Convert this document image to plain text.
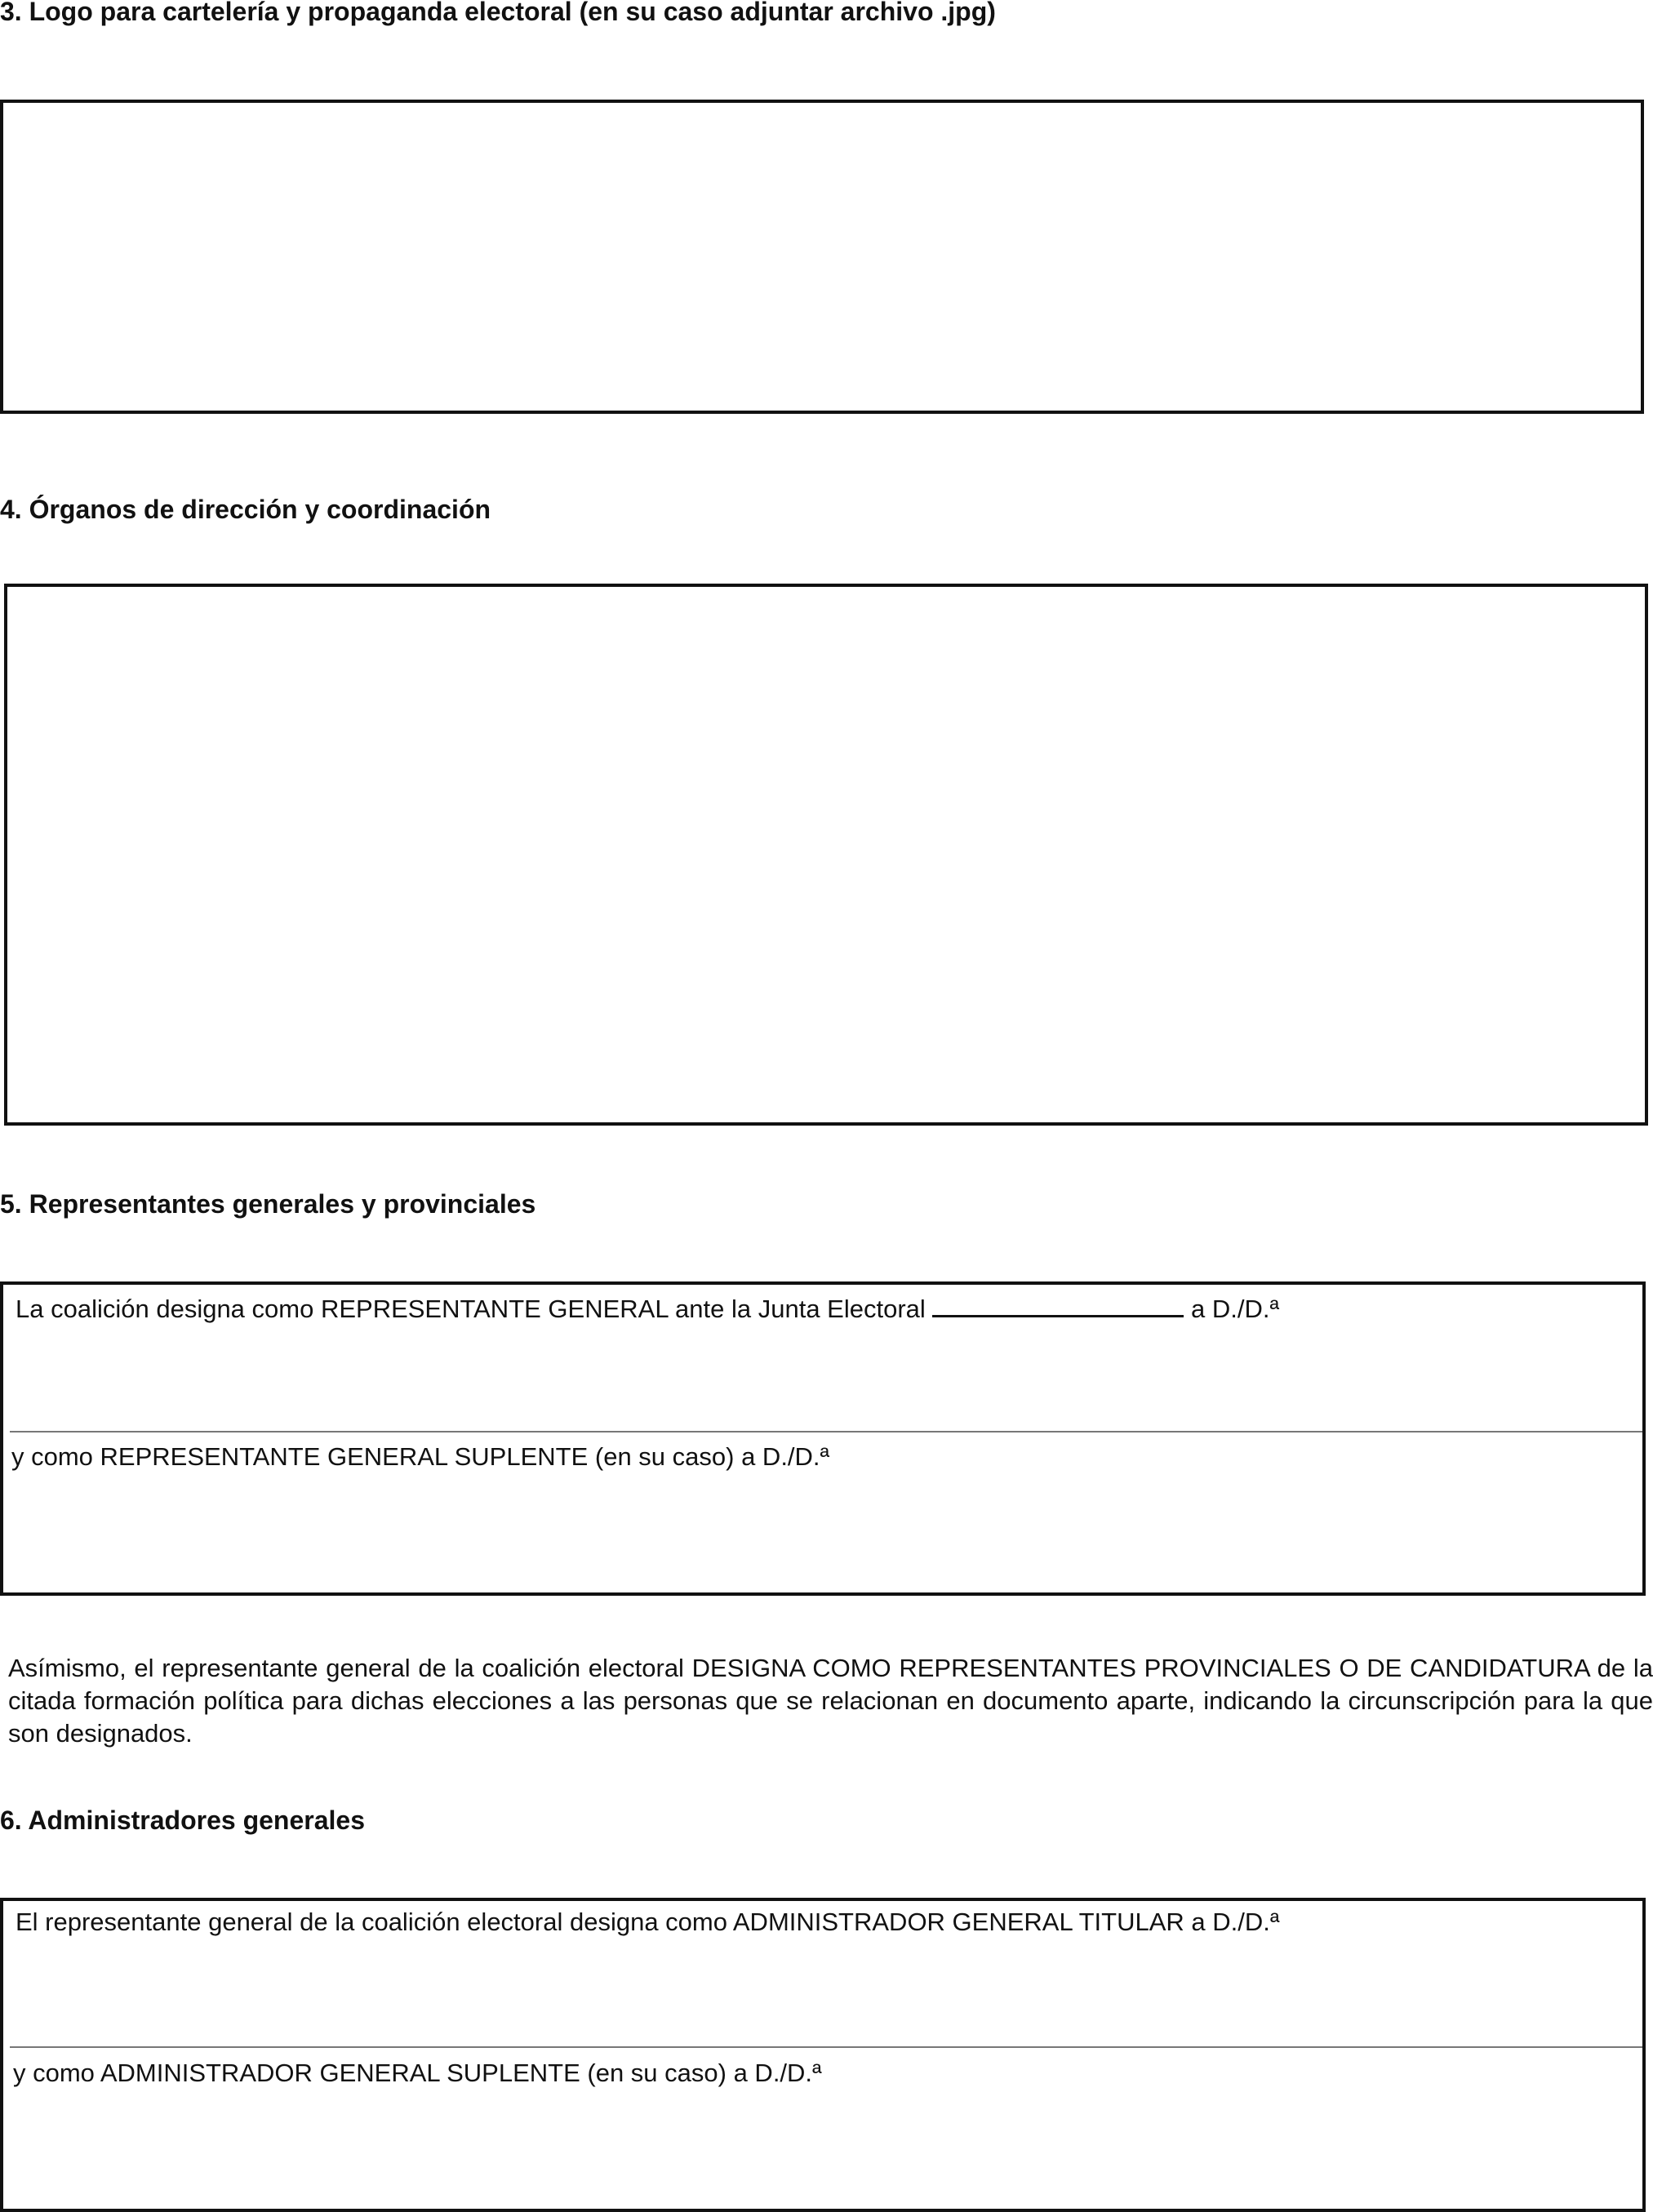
3. Logo para cartelería y propaganda electoral (en su caso adjuntar archivo .jpg)
4. Órganos de dirección y coordinación
5. Representantes generales y provinciales
La coalición designa como REPRESENTANTE GENERAL ante la Junta Electoral	a D./D.ª
y como REPRESENTANTE GENERAL SUPLENTE (en su caso) a D./D.ª
Asímismo, el representante general de la coalición electoral DESIGNA COMO REPRESENTANTES PROVINCIALES O DE CANDIDATURA de la citada formación política para dichas elecciones a las personas que se relacionan en documento aparte, indicando la circunscripción para la que son designados.
6. Administradores generales
El representante general de la coalición electoral designa como ADMINISTRADOR GENERAL TITULAR a D./D.ª
y como ADMINISTRADOR GENERAL SUPLENTE (en su caso) a D./D.ª
